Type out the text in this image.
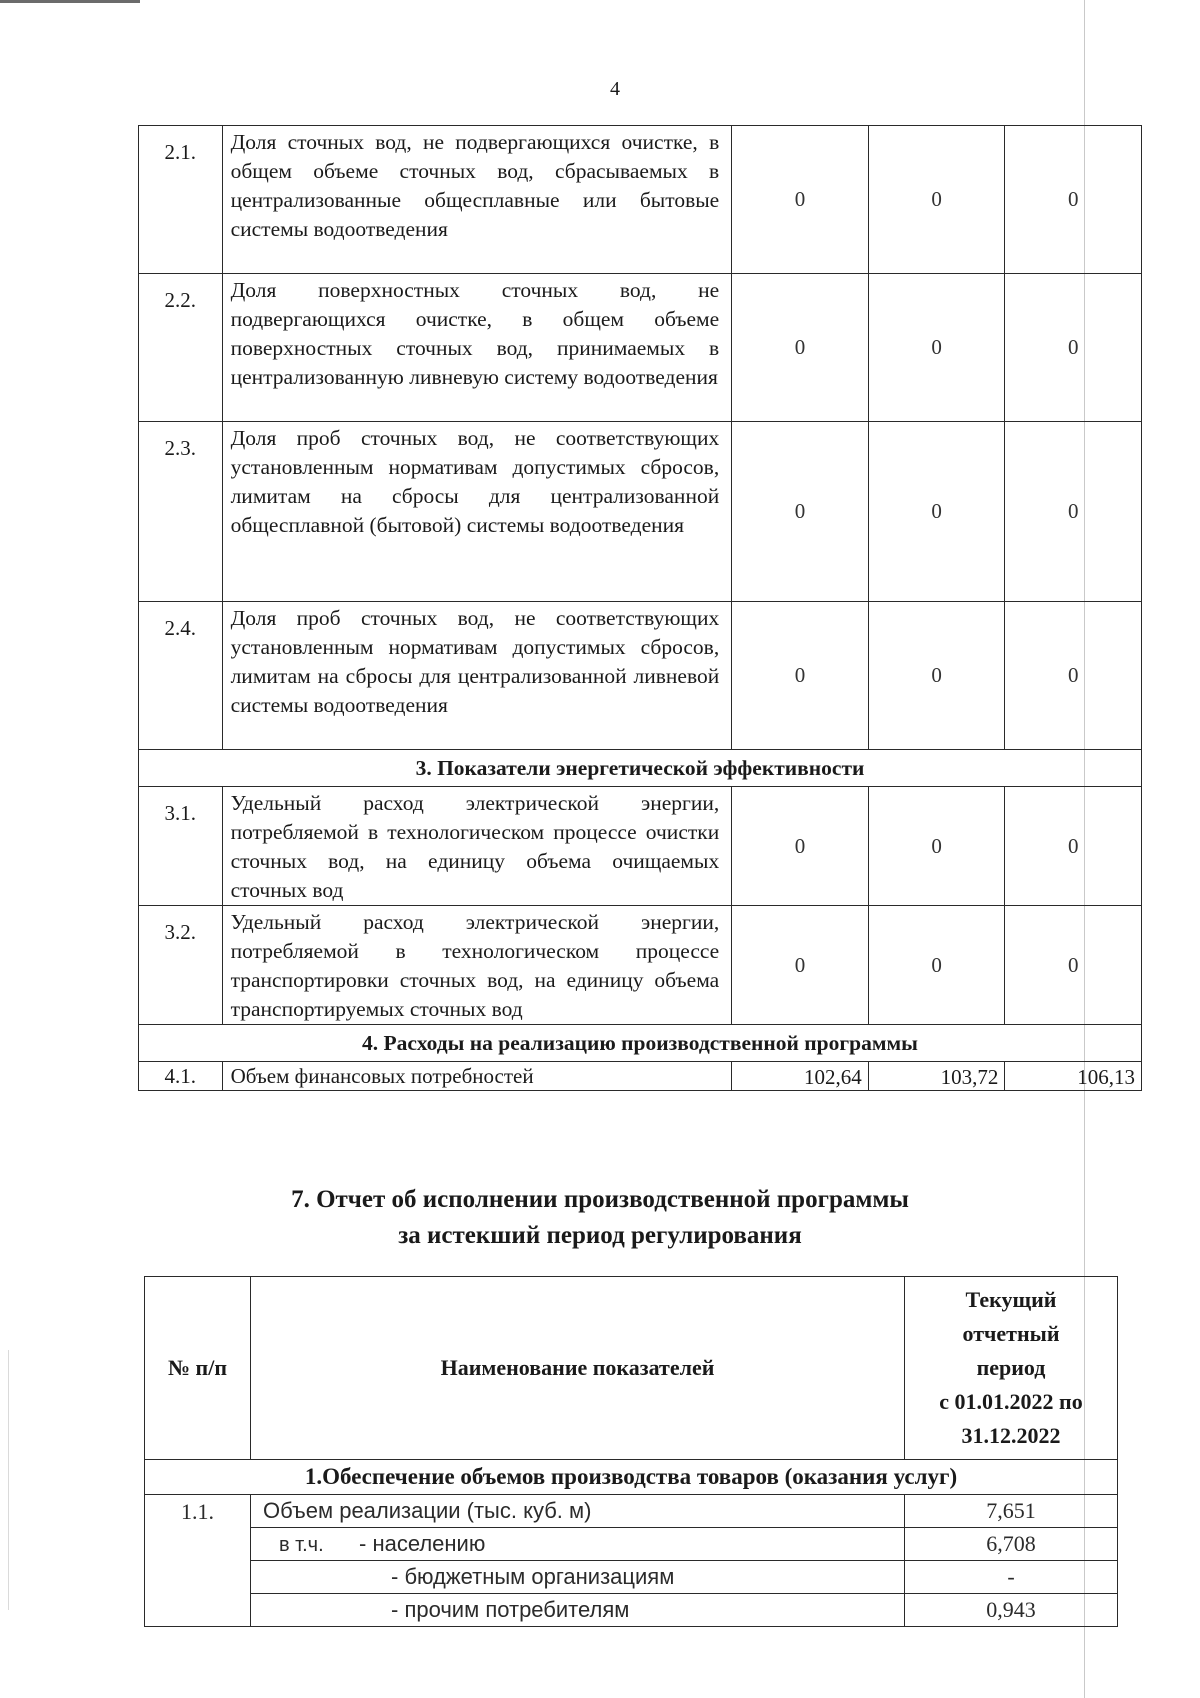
4
2.1.	Доля сточных вод, не подвергающихся очистке, в общем объеме сточных вод, сбрасываемых в централизованные общесплавные или бытовые системы водоотведения	0	0	0
2.2.	Доля поверхностных сточных вод, не подвергающихся очистке, в общем объеме поверхностных сточных вод, принимаемых в централизованную ливневую систему водоотведения	0	0	0
2.3.	Доля проб сточных вод, не соответствующих установленным нормативам допустимых сбросов, лимитам на сбросы для централизованной общесплавной (бытовой) системы водоотведения	0	0	0
2.4.	Доля проб сточных вод, не соответствующих установленным нормативам допустимых сбросов, лимитам на сбросы для централизованной ливневой системы водоотведения	0	0	0
3. Показатели энергетической эффективности				
3.1.	Удельный расход электрической энергии, потребляемой в технологическом процессе очистки сточных вод, на единицу объема очищаемых сточных вод	0	0	0
3.2.	Удельный расход электрической энергии, потребляемой в технологическом процессе транспортировки сточных вод, на единицу объема транспортируемых сточных вод	0	0	0
4. Расходы на реализацию производственной программы				
4.1.	Объем финансовых потребностей	102,64	103,72	106,13
7. Отчет об исполнении производственной программы
за истекший период регулирования
№ п/п	Наименование показателей	Текущий
отчетный
период
с 01.01.2022 по
31.12.2022

1.Обеспечение объемов производства товаров (оказания услуг)		
1.1.	Объем реализации (тыс. куб. м)	7,651
	в т.ч. - населению	6,708
	- бюджетным организациям	-
	- прочим потребителям	0,943
